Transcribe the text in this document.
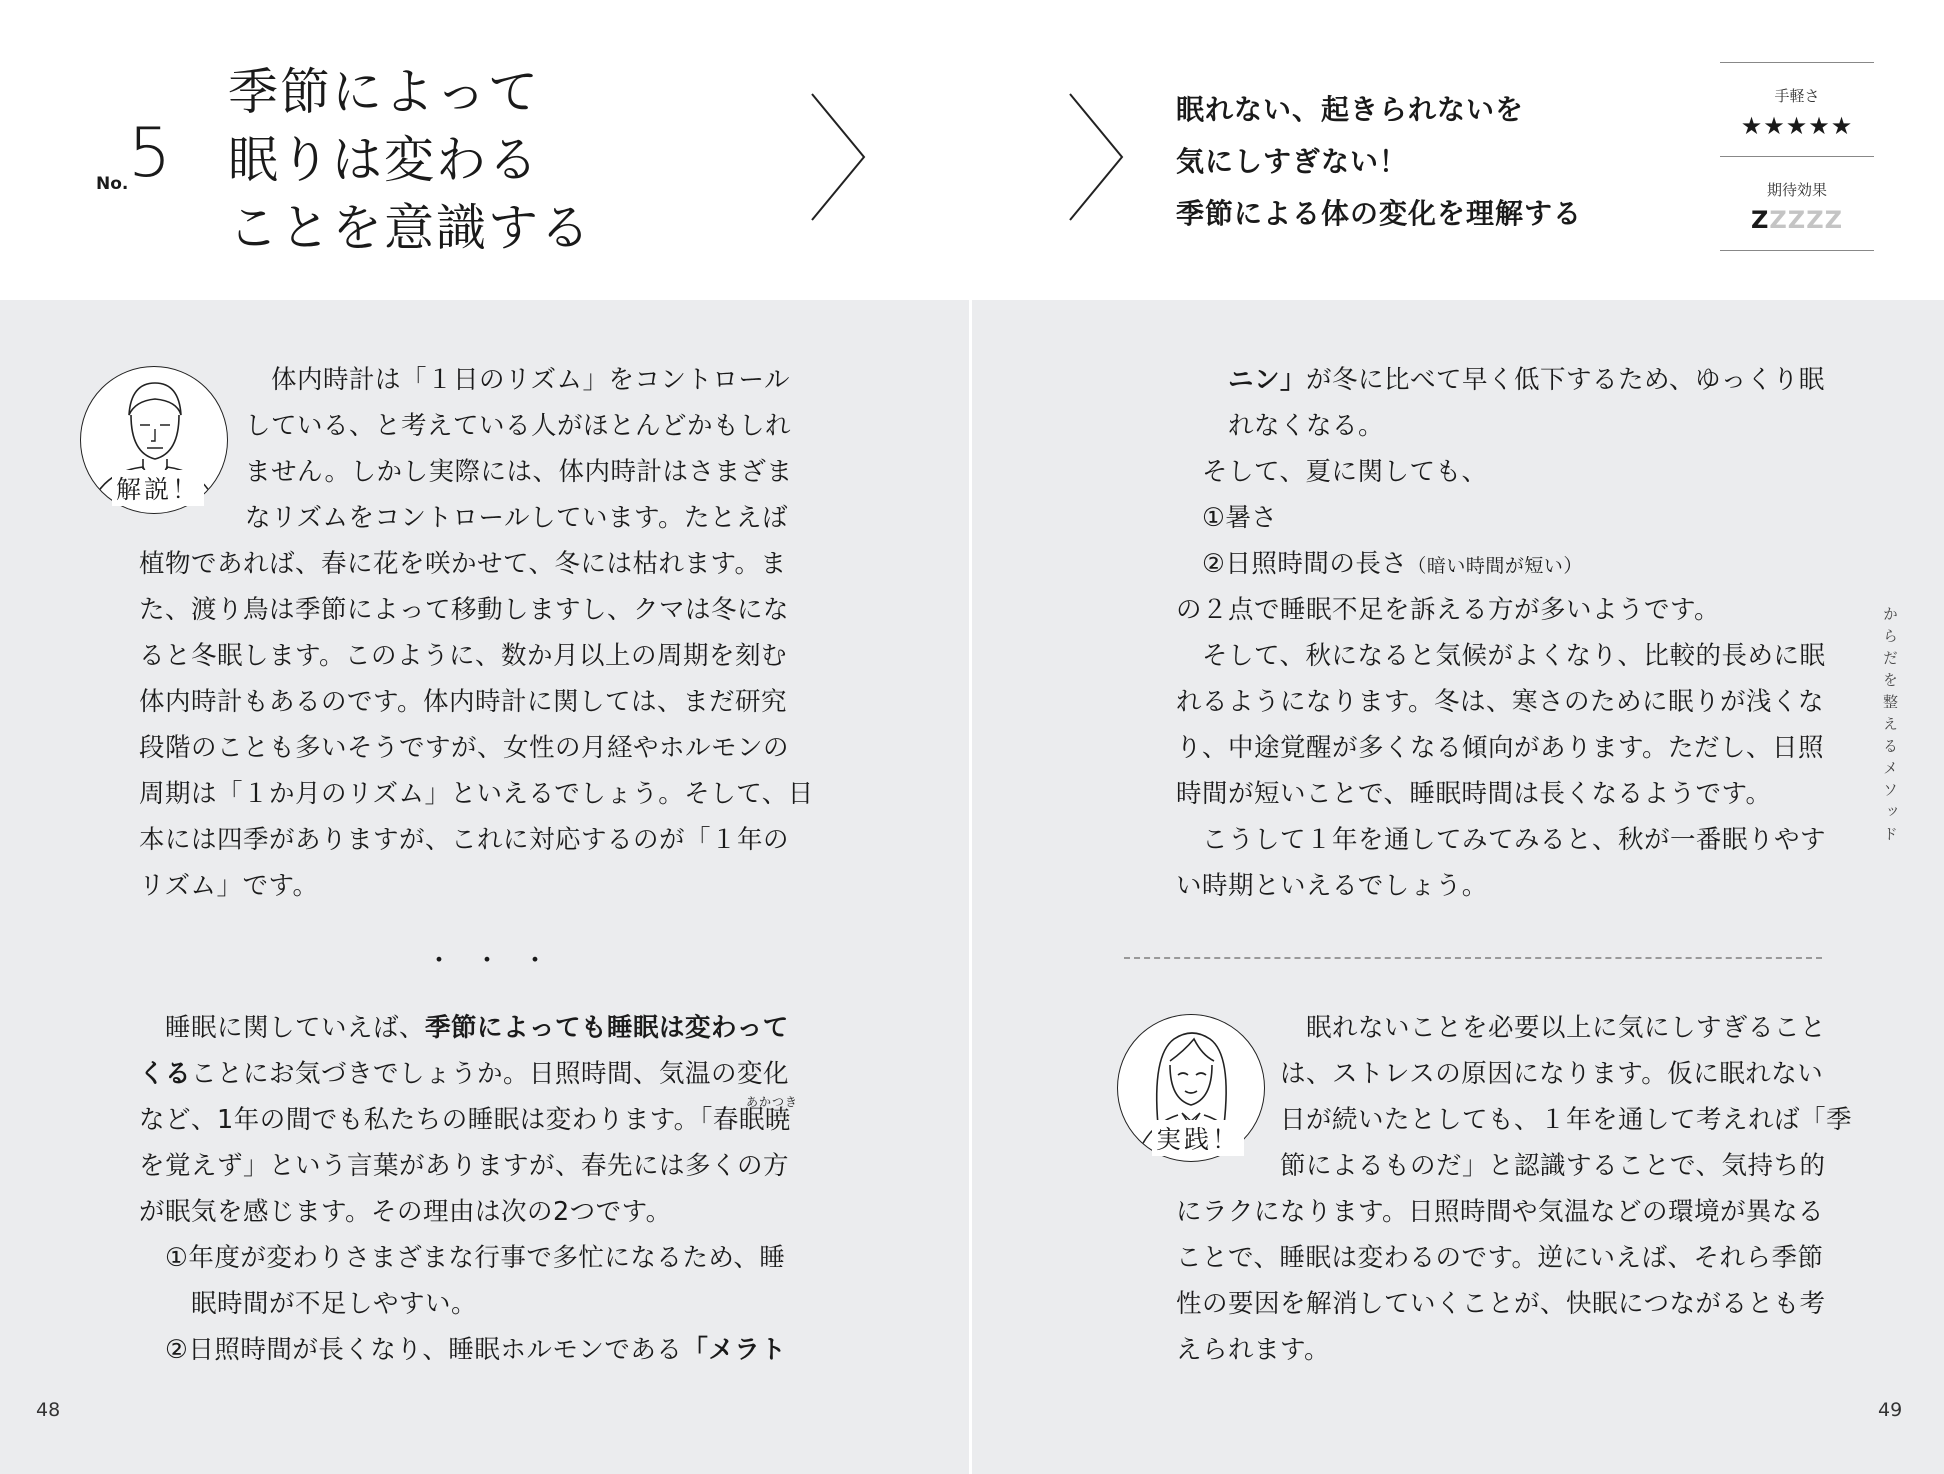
No. 5
季節によって
眠りは変わる
ことを意識する
眠れない、起きられないを
気にしすぎない！
季節による体の変化を理解する
手軽さ
★★★★★
期待効果
ZZZZZ
解説！
　体内時計は「１日のリズム」をコントロール
している、と考えている人がほとんどかもしれ
ません。しかし実際には、体内時計はさまざま
なリズムをコントロールしています。たとえば
植物であれば、春に花を咲かせて、冬には枯れます。ま
た、渡り鳥は季節によって移動しますし、クマは冬にな
ると冬眠します。このように、数か月以上の周期を刻む
体内時計もあるのです。体内時計に関しては、まだ研究
段階のことも多いそうですが、女性の月経やホルモンの
周期は「１か月のリズム」といえるでしょう。そして、日
本には四季がありますが、これに対応するのが「１年の
リズム」です。
・・・
　睡眠に関していえば、季節によっても睡眠は変わって
くることにお気づきでしょうか。日照時間、気温の変化
など、1年の間でも私たちの睡眠は変わります。「春眠暁
を覚えず」という言葉がありますが、春先には多くの方
が眠気を感じます。その理由は次の2つです。
　①年度が変わりさまざまな行事で多忙になるため、睡
　　眠時間が不足しやすい。
　②日照時間が長くなり、睡眠ホルモンである「メラト
あかつき
48
ニン」が冬に比べて早く低下するため、ゆっくり眠
れなくなる。
　そして、夏に関しても、
　①暑さ
　②日照時間の長さ（暗い時間が短い）
の２点で睡眠不足を訴える方が多いようです。
　そして、秋になると気候がよくなり、比較的長めに眠
れるようになります。冬は、寒さのために眠りが浅くな
り、中途覚醒が多くなる傾向があります。ただし、日照
時間が短いことで、睡眠時間は長くなるようです。
　こうして１年を通してみてみると、秋が一番眠りやす
い時期といえるでしょう。
実践！
　眠れないことを必要以上に気にしすぎること
は、ストレスの原因になります。仮に眠れない
日が続いたとしても、１年を通して考えれば「季
節によるものだ」と認識することで、気持ち的
にラクになります。日照時間や気温などの環境が異なる
ことで、睡眠は変わるのです。逆にいえば、それら季節
性の要因を解消していくことが、快眠につながるとも考
えられます。
からだを整えるメソッド
49
